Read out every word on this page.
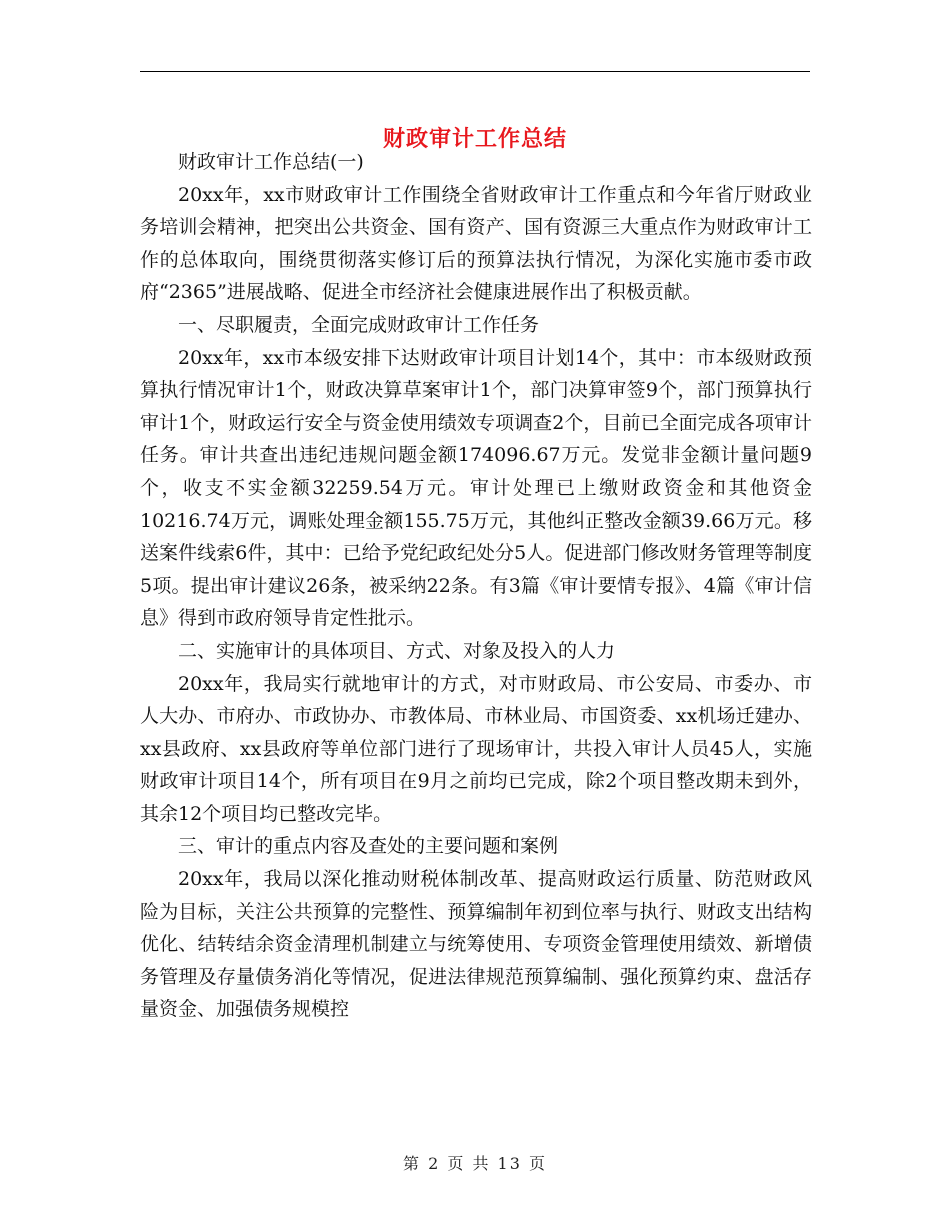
财政审计工作总结

财政审计工作总结(一)

20xx年，xx市财政审计工作围绕全省财政审计工作重点和今年省厅财政业务培训会精神，把突出公共资金、国有资产、国有资源三大重点作为财政审计工作的总体取向，围绕贯彻落实修订后的预算法执行情况，为深化实施市委市政府“2365”进展战略、促进全市经济社会健康进展作出了积极贡献。

一、尽职履责，全面完成财政审计工作任务

20xx年，xx市本级安排下达财政审计项目计划14个，其中：市本级财政预算执行情况审计1个，财政决算草案审计1个，部门决算审签9个，部门预算执行审计1个，财政运行安全与资金使用绩效专项调查2个，目前已全面完成各项审计任务。审计共查出违纪违规问题金额174096.67万元。发觉非金额计量问题9个，收支不实金额32259.54万元。审计处理已上缴财政资金和其他资金10216.74万元，调账处理金额155.75万元，其他纠正整改金额39.66万元。移送案件线索6件，其中：已给予党纪政纪处分5人。促进部门修改财务管理等制度5项。提出审计建议26条，被采纳22条。有3篇《审计要情专报》、4篇《审计信息》得到市政府领导肯定性批示。

二、实施审计的具体项目、方式、对象及投入的人力

20xx年，我局实行就地审计的方式，对市财政局、市公安局、市委办、市人大办、市府办、市政协办、市教体局、市林业局、市国资委、xx机场迁建办、xx县政府、xx县政府等单位部门进行了现场审计，共投入审计人员45人，实施财政审计项目14个，所有项目在9月之前均已完成，除2个项目整改期未到外，其余12个项目均已整改完毕。

三、审计的重点内容及查处的主要问题和案例

20xx年，我局以深化推动财税体制改革、提高财政运行质量、防范财政风险为目标，关注公共预算的完整性、预算编制年初到位率与执行、财政支出结构优化、结转结余资金清理机制建立与统筹使用、专项资金管理使用绩效、新增债务管理及存量债务消化等情况，促进法律规范预算编制、强化预算约束、盘活存量资金、加强债务规模控

第 2 页 共 13 页
